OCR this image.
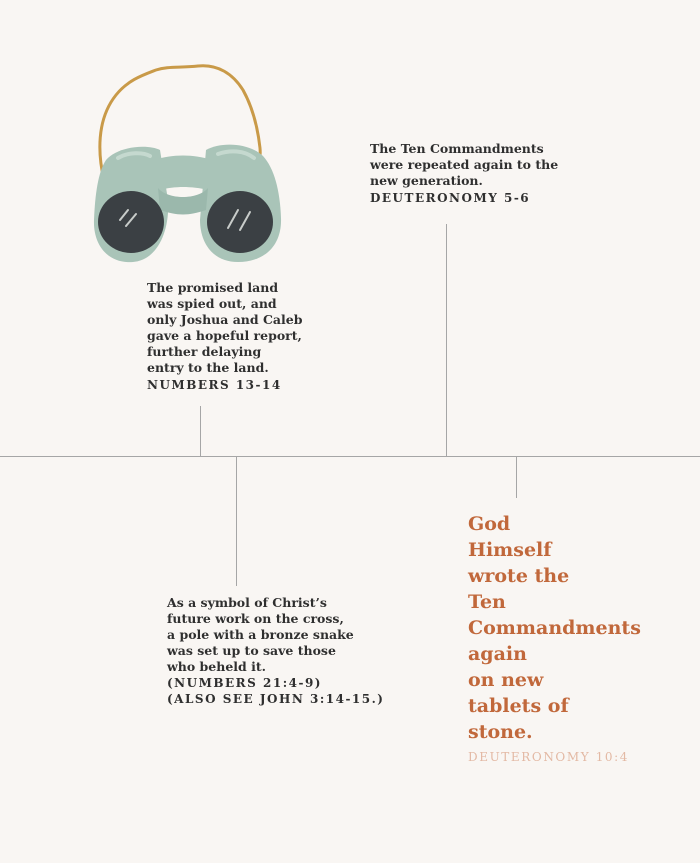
The promised land
was spied out, and
only Joshua and Caleb
gave a hopeful report,
further delaying
entry to the land.
NUMBERS 13-14
The Ten Commandments
were repeated again to the
new generation.
DEUTERONOMY 5-6
As a symbol of Christ’s
future work on the cross,
a pole with a bronze snake
was set up to save those
who beheld it.
(NUMBERS 21:4-9)
(ALSO SEE JOHN 3:14-15.)
God
Himself
wrote the
Ten
Commandments
again
on new
tablets of
stone.
DEUTERONOMY 10:4
